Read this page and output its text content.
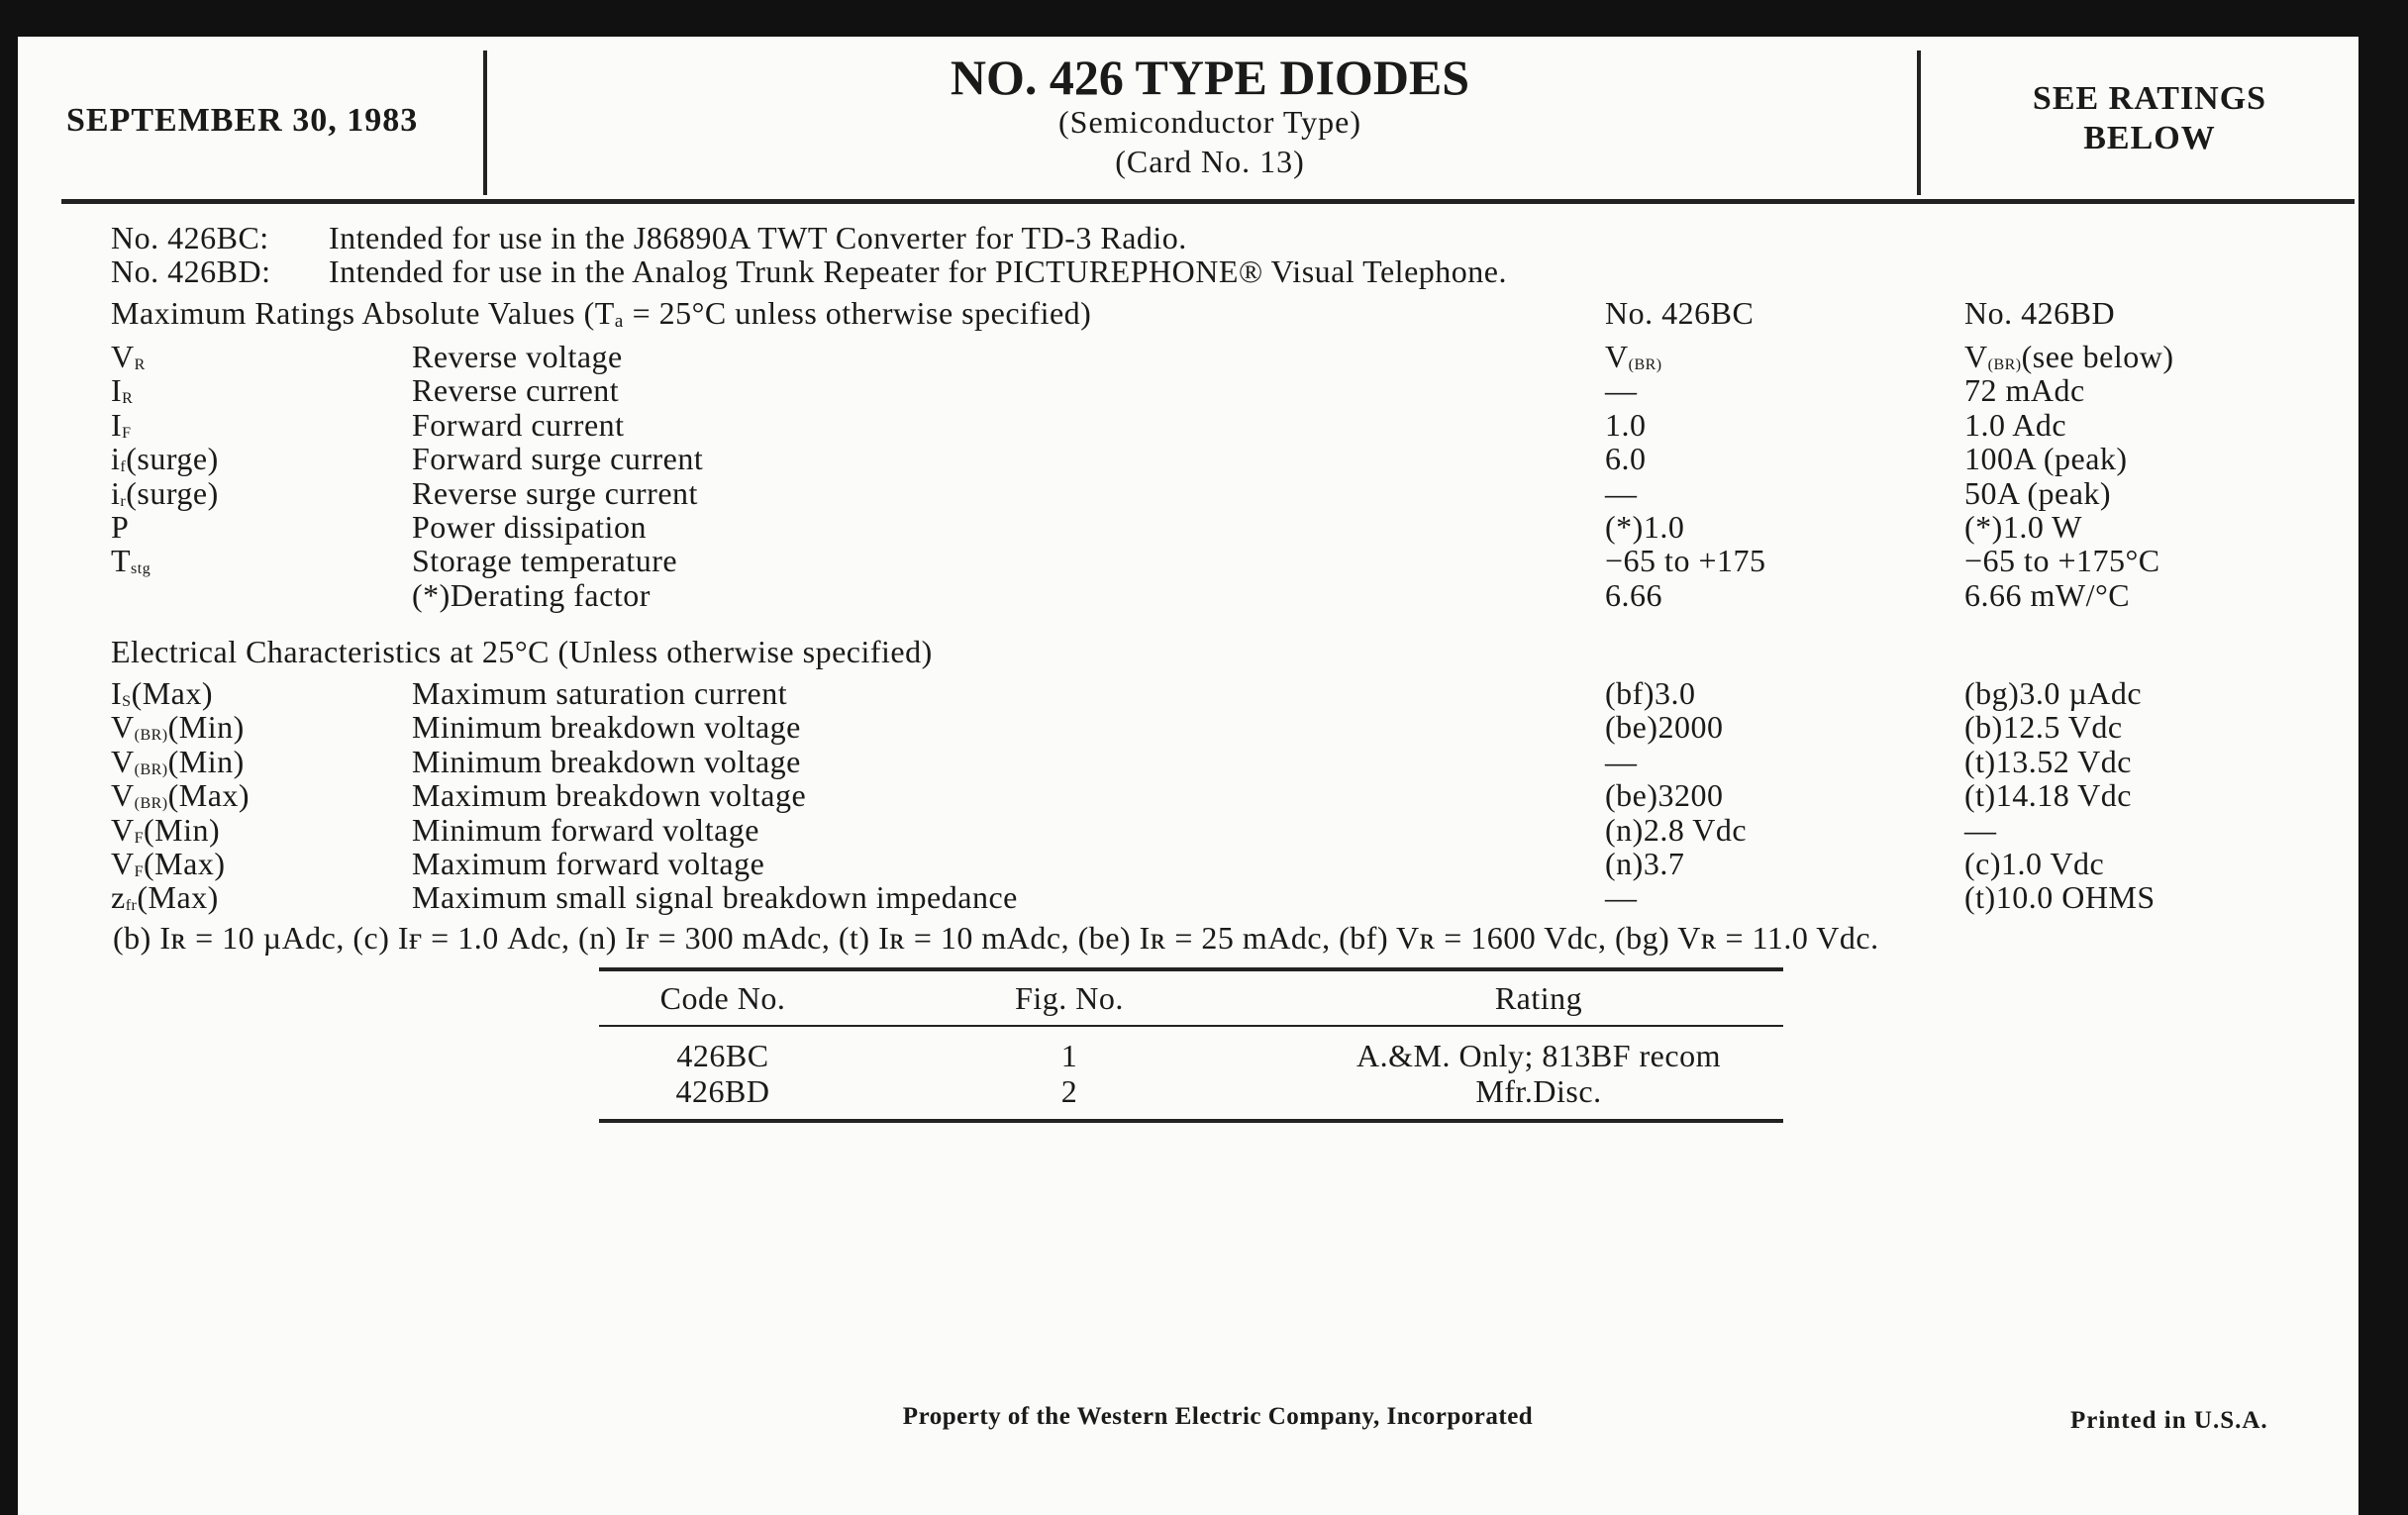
SEPTEMBER 30, 1983
NO. 426 TYPE DIODES
(Semiconductor Type)
(Card No. 13)
SEE RATINGS
BELOW
No. 426BC: Intended for use in the J86890A TWT Converter for TD-3 Radio.
No. 426BD: Intended for use in the Analog Trunk Repeater for PICTUREPHONE® Visual Telephone.
Maximum Ratings Absolute Values (Tₐ = 25°C unless otherwise specified)	No. 426BC	No. 426BD
$V_R$	Reverse voltage	$V_{(BR)}$	$V_{(BR)}(see$ below)
$I_R$	Reverse current	—	72 mAdc
$I_F$	Forward current	1.0	1.0 Adc
$i_f(surge)$	Forward surge current	6.0	100A (peak)
$i_r(surge)$	Reverse surge current	—	50A (peak)
P	Power dissipation	(*)1.0	(*)1.0 W
$T_{stg}$	Storage temperature	−65 to +175	−65 to +175°C
(*)Derating factor	6.66	6.66 mW/°C
Electrical Characteristics at 25°C (Unless otherwise specified)
$I_S(Max)$	Maximum saturation current	(bf)3.0	(bg)3.0 µAdc
$V_{(BR)}(Min)$	Minimum breakdown voltage	(be)2000	(b)12.5 Vdc
$V_{(BR)}(Min)$	Minimum breakdown voltage	—	(t)13.52 Vdc
$V_{(BR)}(Max)$	Maximum breakdown voltage	(be)3200	(t)14.18 Vdc
$V_F(Min)$	Minimum forward voltage	(n)2.8 Vdc	—
$V_F(Max)$	Maximum forward voltage	(n)3.7	(c)1.0 Vdc
$z_{fr}(Max)$	Maximum small signal breakdown impedance	—	(t)10.0 OHMS
(b) Iʀ = 10 µAdc, (c) Iғ = 1.0 Adc, (n) Iғ = 300 mAdc, (t) Iʀ = 10 mAdc, (be) Iʀ = 25 mAdc, (bf) Vʀ = 1600 Vdc, (bg) Vʀ = 11.0 Vdc.
Code No.	Fig. No.	Rating
426BC	1	A.&M. Only; 813BF recom
426BD	2	Mfr.Disc.
Property of the Western Electric Company, Incorporated	Printed in U.S.A.
